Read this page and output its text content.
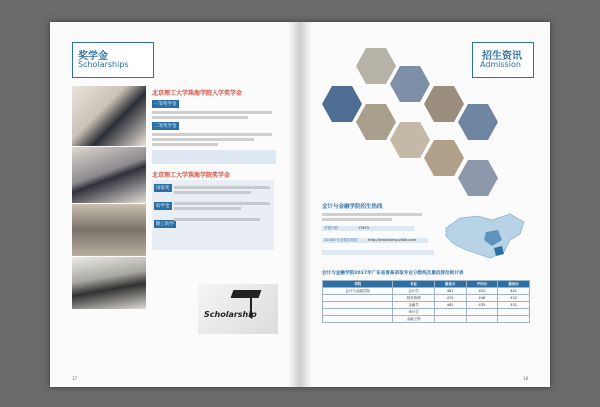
奖学金
Scholarships
北京理工大学珠海学院入学奖学金
一等奖学金
二等奖学金
北京理工大学珠海学院奖学金
国家奖
助学金
勤工助学
Scholarship
17
招生资讯
Admission
会计与金融学院招生热线
学校代码	13675
2018年专业招生网址	http://zhaosheng.zhbit.com
会计与金融学院2017年广东省普高录取专业分数线及最低排位统计表
学院	专业	最高分	平均分	最低分
会计与金融学院	会计学	481	452	441
	财务管理	470	446	432
	金融学	462	435	431
	审计学			
	金融工程			
18
